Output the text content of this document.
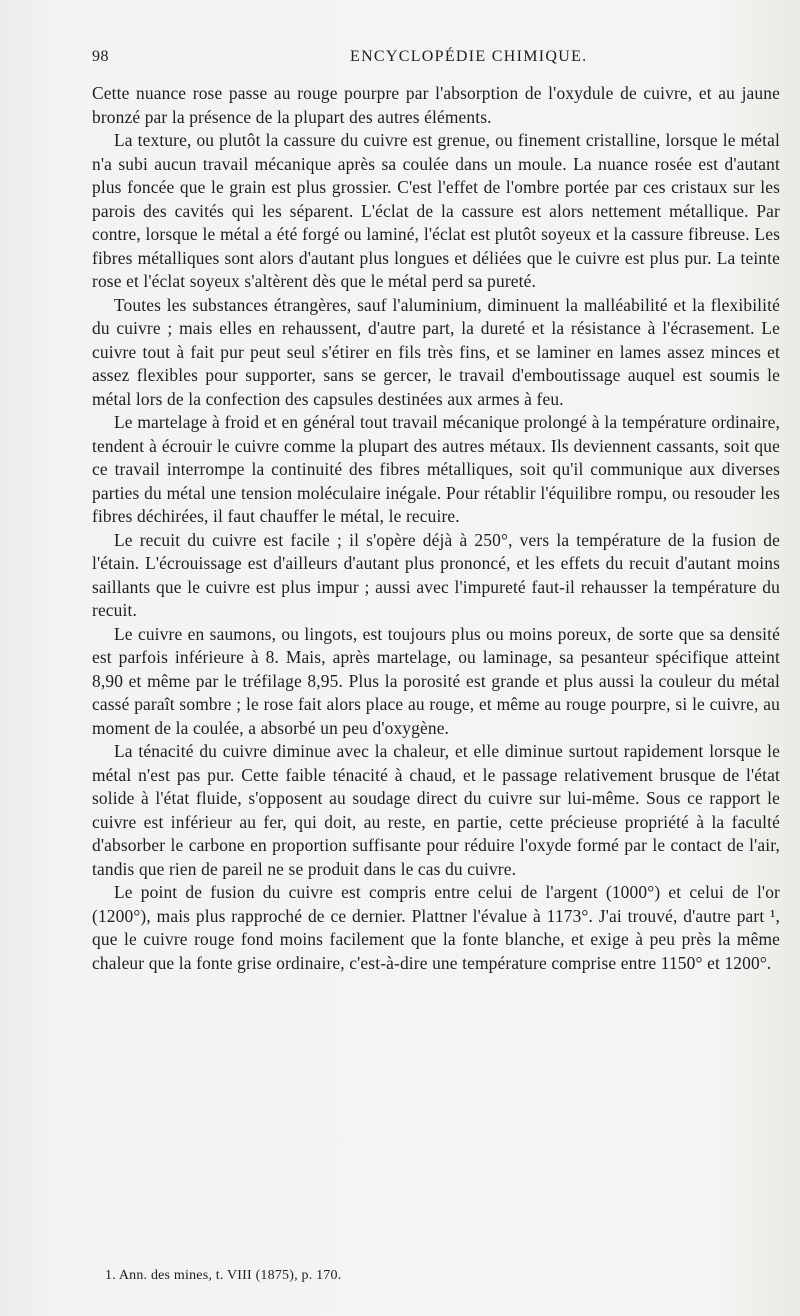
98	ENCYCLOPÉDIE CHIMIQUE.

Cette nuance rose passe au rouge pourpre par l'absorption de l'oxydule de cuivre, et au jaune bronzé par la présence de la plupart des autres éléments.

La texture, ou plutôt la cassure du cuivre est grenue, ou finement cristalline, lorsque le métal n'a subi aucun travail mécanique après sa coulée dans un moule. La nuance rosée est d'autant plus foncée que le grain est plus grossier. C'est l'effet de l'ombre portée par ces cristaux sur les parois des cavités qui les séparent. L'éclat de la cassure est alors nettement métallique. Par contre, lorsque le métal a été forgé ou laminé, l'éclat est plutôt soyeux et la cassure fibreuse. Les fibres métalliques sont alors d'autant plus longues et déliées que le cuivre est plus pur. La teinte rose et l'éclat soyeux s'altèrent dès que le métal perd sa pureté.

Toutes les substances étrangères, sauf l'aluminium, diminuent la malléabilité et la flexibilité du cuivre ; mais elles en rehaussent, d'autre part, la dureté et la résistance à l'écrasement. Le cuivre tout à fait pur peut seul s'étirer en fils très fins, et se laminer en lames assez minces et assez flexibles pour supporter, sans se gercer, le travail d'emboutissage auquel est soumis le métal lors de la confection des capsules destinées aux armes à feu.

Le martelage à froid et en général tout travail mécanique prolongé à la température ordinaire, tendent à écrouir le cuivre comme la plupart des autres métaux. Ils deviennent cassants, soit que ce travail interrompe la continuité des fibres métalliques, soit qu'il communique aux diverses parties du métal une tension moléculaire inégale. Pour rétablir l'équilibre rompu, ou resouder les fibres déchirées, il faut chauffer le métal, le recuire.

Le recuit du cuivre est facile ; il s'opère déjà à 250°, vers la température de la fusion de l'étain. L'écrouissage est d'ailleurs d'autant plus prononcé, et les effets du recuit d'autant moins saillants que le cuivre est plus impur ; aussi avec l'impureté faut-il rehausser la température du recuit.

Le cuivre en saumons, ou lingots, est toujours plus ou moins poreux, de sorte que sa densité est parfois inférieure à 8. Mais, après martelage, ou laminage, sa pesanteur spécifique atteint 8,90 et même par le tréfilage 8,95. Plus la porosité est grande et plus aussi la couleur du métal cassé paraît sombre ; le rose fait alors place au rouge, et même au rouge pourpre, si le cuivre, au moment de la coulée, a absorbé un peu d'oxygène.

La ténacité du cuivre diminue avec la chaleur, et elle diminue surtout rapidement lorsque le métal n'est pas pur. Cette faible ténacité à chaud, et le passage relativement brusque de l'état solide à l'état fluide, s'opposent au soudage direct du cuivre sur lui-même. Sous ce rapport le cuivre est inférieur au fer, qui doit, au reste, en partie, cette précieuse propriété à la faculté d'absorber le carbone en proportion suffisante pour réduire l'oxyde formé par le contact de l'air, tandis que rien de pareil ne se produit dans le cas du cuivre.

Le point de fusion du cuivre est compris entre celui de l'argent (1000°) et celui de l'or (1200°), mais plus rapproché de ce dernier. Plattner l'évalue à 1173°. J'ai trouvé, d'autre part ¹, que le cuivre rouge fond moins facilement que la fonte blanche, et exige à peu près la même chaleur que la fonte grise ordinaire, c'est-à-dire une température comprise entre 1150° et 1200°.

1. Ann. des mines, t. VIII (1875), p. 170.
